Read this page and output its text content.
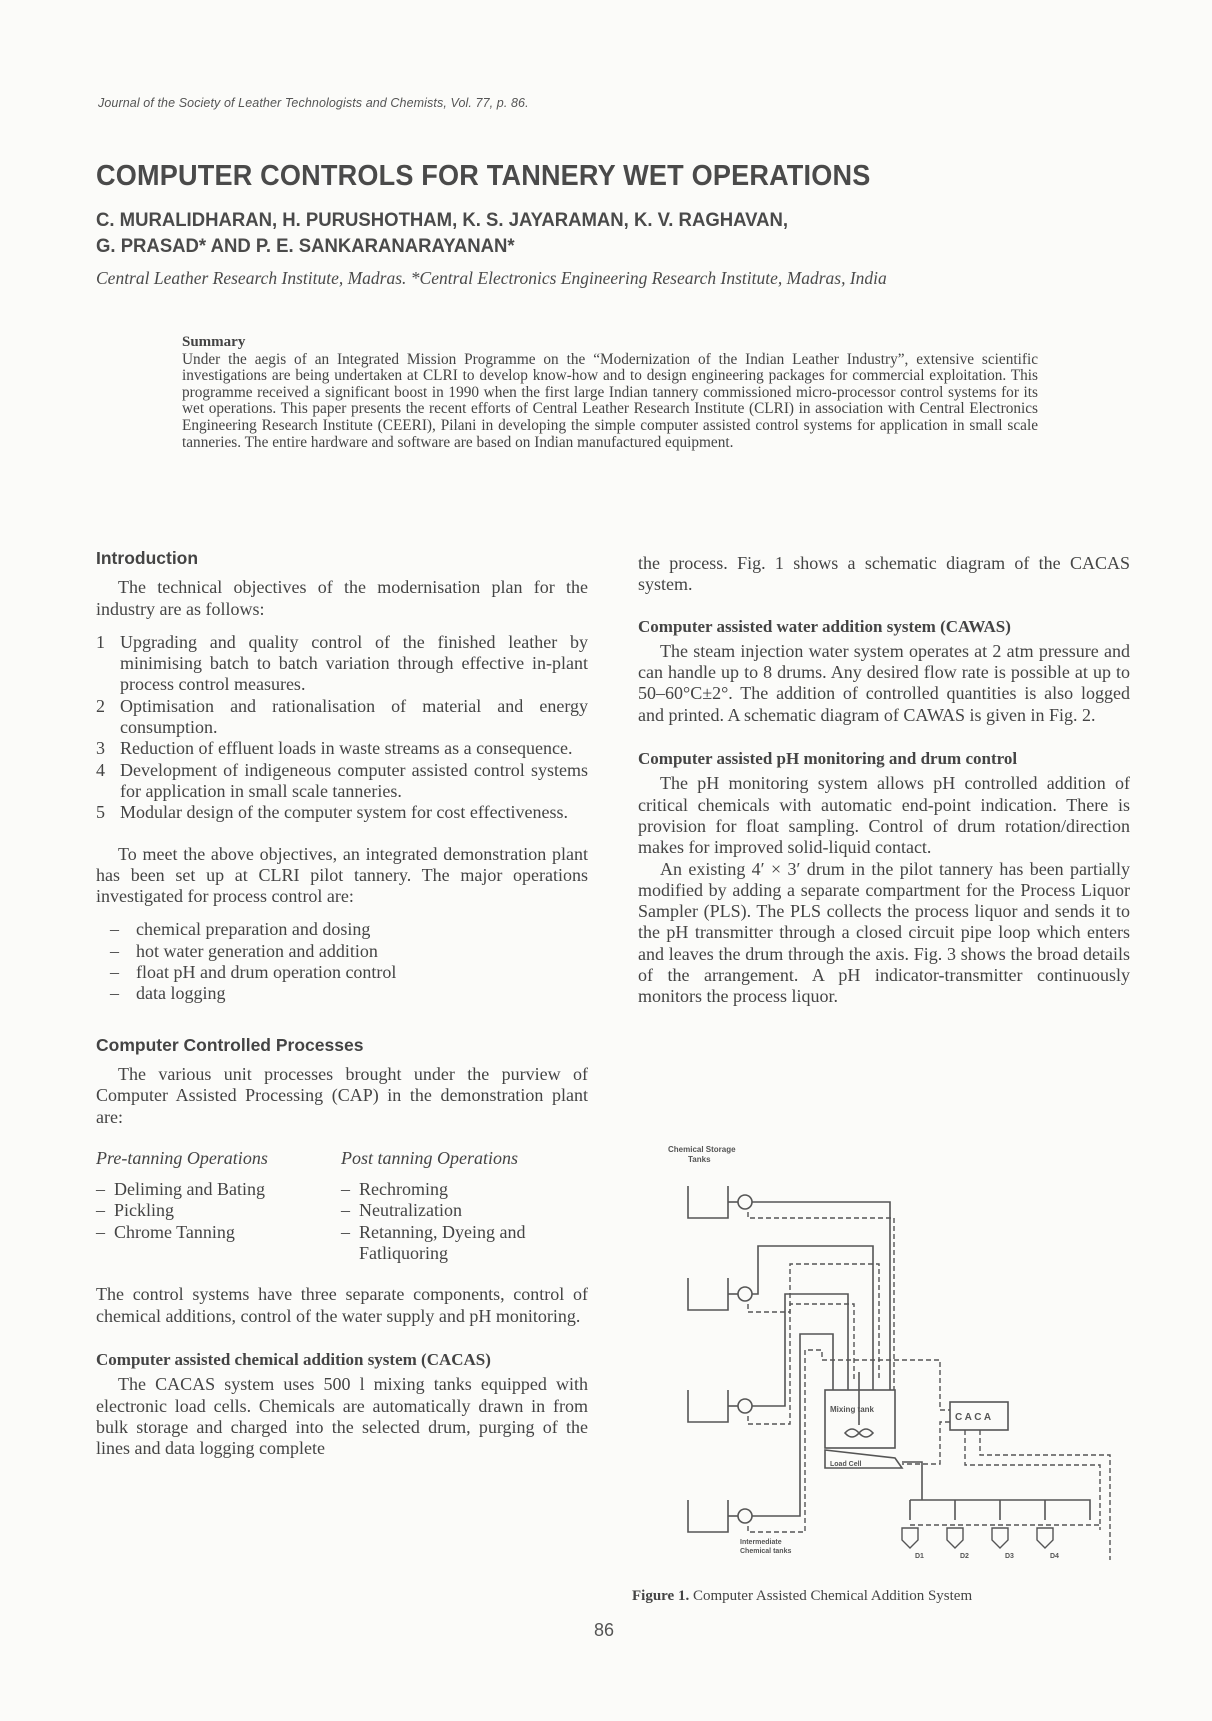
Journal of the Society of Leather Technologists and Chemists, Vol. 77, p. 86.
COMPUTER CONTROLS FOR TANNERY WET OPERATIONS
C. MURALIDHARAN, H. PURUSHOTHAM, K. S. JAYARAMAN, K. V. RAGHAVAN,
G. PRASAD* AND P. E. SANKARANARAYANAN*
Central Leather Research Institute, Madras. *Central Electronics Engineering Research Institute, Madras, India
Summary

Under the aegis of an Integrated Mission Programme on the “Modernization of the Indian Leather Industry”, extensive scientific investigations are being undertaken at CLRI to develop know-how and to design engineering packages for commercial exploitation. This programme received a significant boost in 1990 when the first large Indian tannery commissioned micro-processor control systems for its wet operations. This paper presents the recent efforts of Central Leather Research Institute (CLRI) in association with Central Electronics Engineering Research Institute (CEERI), Pilani in developing the simple computer assisted control systems for application in small scale tanneries. The entire hardware and software are based on Indian manufactured equipment.

Introduction

The technical objectives of the modernisation plan for the industry are as follows:

1 Upgrading and quality control of the finished leather by minimising batch to batch variation through effective in-plant process control measures.
2 Optimisation and rationalisation of material and energy consumption.
3 Reduction of effluent loads in waste streams as a consequence.
4 Development of indigeneous computer assisted control systems for application in small scale tanneries.
5 Modular design of the computer system for cost effectiveness.

To meet the above objectives, an integrated demonstration plant has been set up at CLRI pilot tannery. The major operations investigated for process control are:

– chemical preparation and dosing
– hot water generation and addition
– float pH and drum operation control
– data logging
Computer Controlled Processes

The various unit processes brought under the purview of Computer Assisted Processing (CAP) in the demonstration plant are:

Pre-tanning Operations
– Deliming and Bating
– Pickling
– Chrome Tanning
Post tanning Operations
– Rechroming
– Neutralization
– Retanning, Dyeing and Fatliquoring

The control systems have three separate components, control of chemical additions, control of the water supply and pH monitoring.

Computer assisted chemical addition system (CACAS)

The CACAS system uses 500 l mixing tanks equipped with electronic load cells. Chemicals are automatically drawn in from bulk storage and charged into the selected drum, purging of the lines and data logging complete

the process. Fig. 1 shows a schematic diagram of the CACAS system.

Computer assisted water addition system (CAWAS)

The steam injection water system operates at 2 atm pressure and can handle up to 8 drums. Any desired flow rate is possible at up to 50–60°C±2°. The addition of controlled quantities is also logged and printed. A schematic diagram of CAWAS is given in Fig. 2.

Computer assisted pH monitoring and drum control

The pH monitoring system allows pH controlled addition of critical chemicals with automatic end-point indication. There is provision for float sampling. Control of drum rotation/direction makes for improved solid-liquid contact.

An existing 4′ × 3′ drum in the pilot tannery has been partially modified by adding a separate compartment for the Process Liquor Sampler (PLS). The PLS collects the process liquor and sends it to the pH transmitter through a closed circuit pipe loop which enters and leaves the drum through the axis. Fig. 3 shows the broad details of the arrangement. A pH indicator-transmitter continuously monitors the process liquor.

Chemical Storage
Tanks
Mixing tank
Load Cell
C A C A
Intermediate
Chemical tanks
D1	D2	D3	D4
Figure 1. Computer Assisted Chemical Addition System
86
